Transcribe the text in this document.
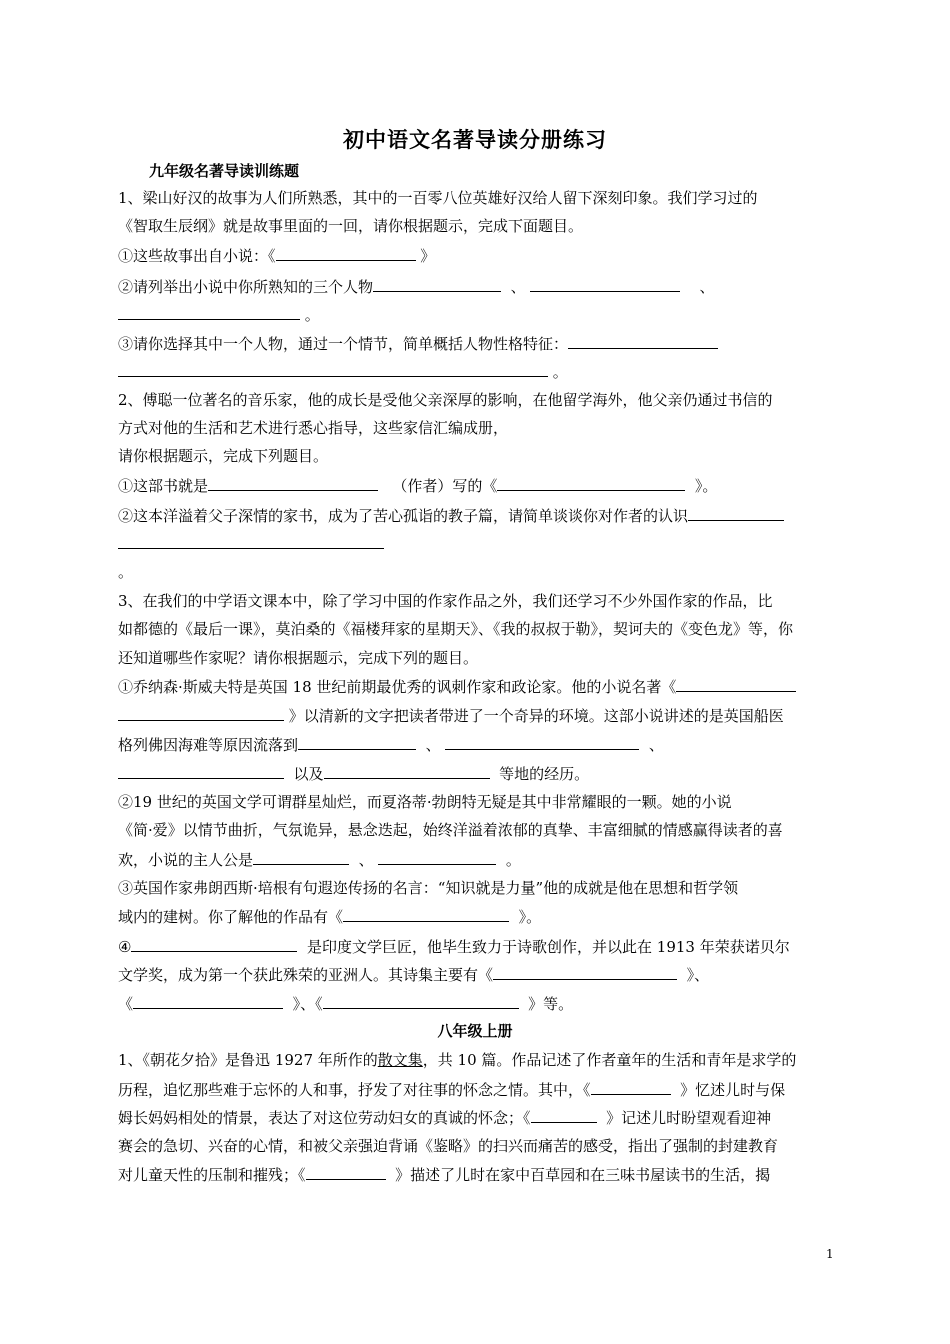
初中语文名著导读分册练习
九年级名著导读训练题
1、梁山好汉的故事为人们所熟悉，其中的一百零八位英雄好汉给人留下深刻印象。我们学习过的
《智取生辰纲》就是故事里面的一回，请你根据题示，完成下面题目。
①这些故事出自小说：《	》
②请列举出小说中你所熟知的三个人物	、	、
。
③请你选择其中一个人物，通过一个情节，简单概括人物性格特征：
。
2、傅聪一位著名的音乐家，他的成长是受他父亲深厚的影响，在他留学海外，他父亲仍通过书信的
方式对他的生活和艺术进行悉心指导，这些家信汇编成册，
请你根据题示，完成下列题目。
①这部书就是	（作者）写的《	》。
②这本洋溢着父子深情的家书，成为了苦心孤诣的教子篇，请简单谈谈你对作者的认识
。
3、在我们的中学语文课本中，除了学习中国的作家作品之外，我们还学习不少外国作家的作品，比
如都德的《最后一课》，莫泊桑的《福楼拜家的星期天》、《我的叔叔于勒》，契诃夫的《变色龙》等，你
还知道哪些作家呢？请你根据题示，完成下列的题目。
①乔纳森·斯威夫特是英国 18 世纪前期最优秀的讽刺作家和政论家。他的小说名著《
》以清新的文字把读者带进了一个奇异的环境。这部小说讲述的是英国船医
格列佛因海难等原因流落到	、	、
以及	等地的经历。
②19 世纪的英国文学可谓群星灿烂，而夏洛蒂·勃朗特无疑是其中非常耀眼的一颗。她的小说
《简·爱》以情节曲折，气氛诡异，悬念迭起，始终洋溢着浓郁的真挚、丰富细腻的情感赢得读者的喜
欢，小说的主人公是	、	。
③英国作家弗朗西斯·培根有句遐迩传扬的名言：“知识就是力量”他的成就是他在思想和哲学领
域内的建树。你了解他的作品有《	》。
④	是印度文学巨匠，他毕生致力于诗歌创作，并以此在 1913 年荣获诺贝尔
文学奖，成为第一个获此殊荣的亚洲人。其诗集主要有《	》、
《	》、《	》等。
八年级上册
1、《朝花夕拾》是鲁迅 1927 年所作的散文集，共 10 篇。作品记述了作者童年的生活和青年是求学的
历程，追忆那些难于忘怀的人和事，抒发了对往事的怀念之情。其中，《	》忆述儿时与保
姆长妈妈相处的情景，表达了对这位劳动妇女的真诚的怀念；《	》记述儿时盼望观看迎神
赛会的急切、兴奋的心情，和被父亲强迫背诵《鉴略》的扫兴而痛苦的感受，指出了强制的封建教育
对儿童天性的压制和摧残；《	》描述了儿时在家中百草园和在三味书屋读书的生活，揭
1
